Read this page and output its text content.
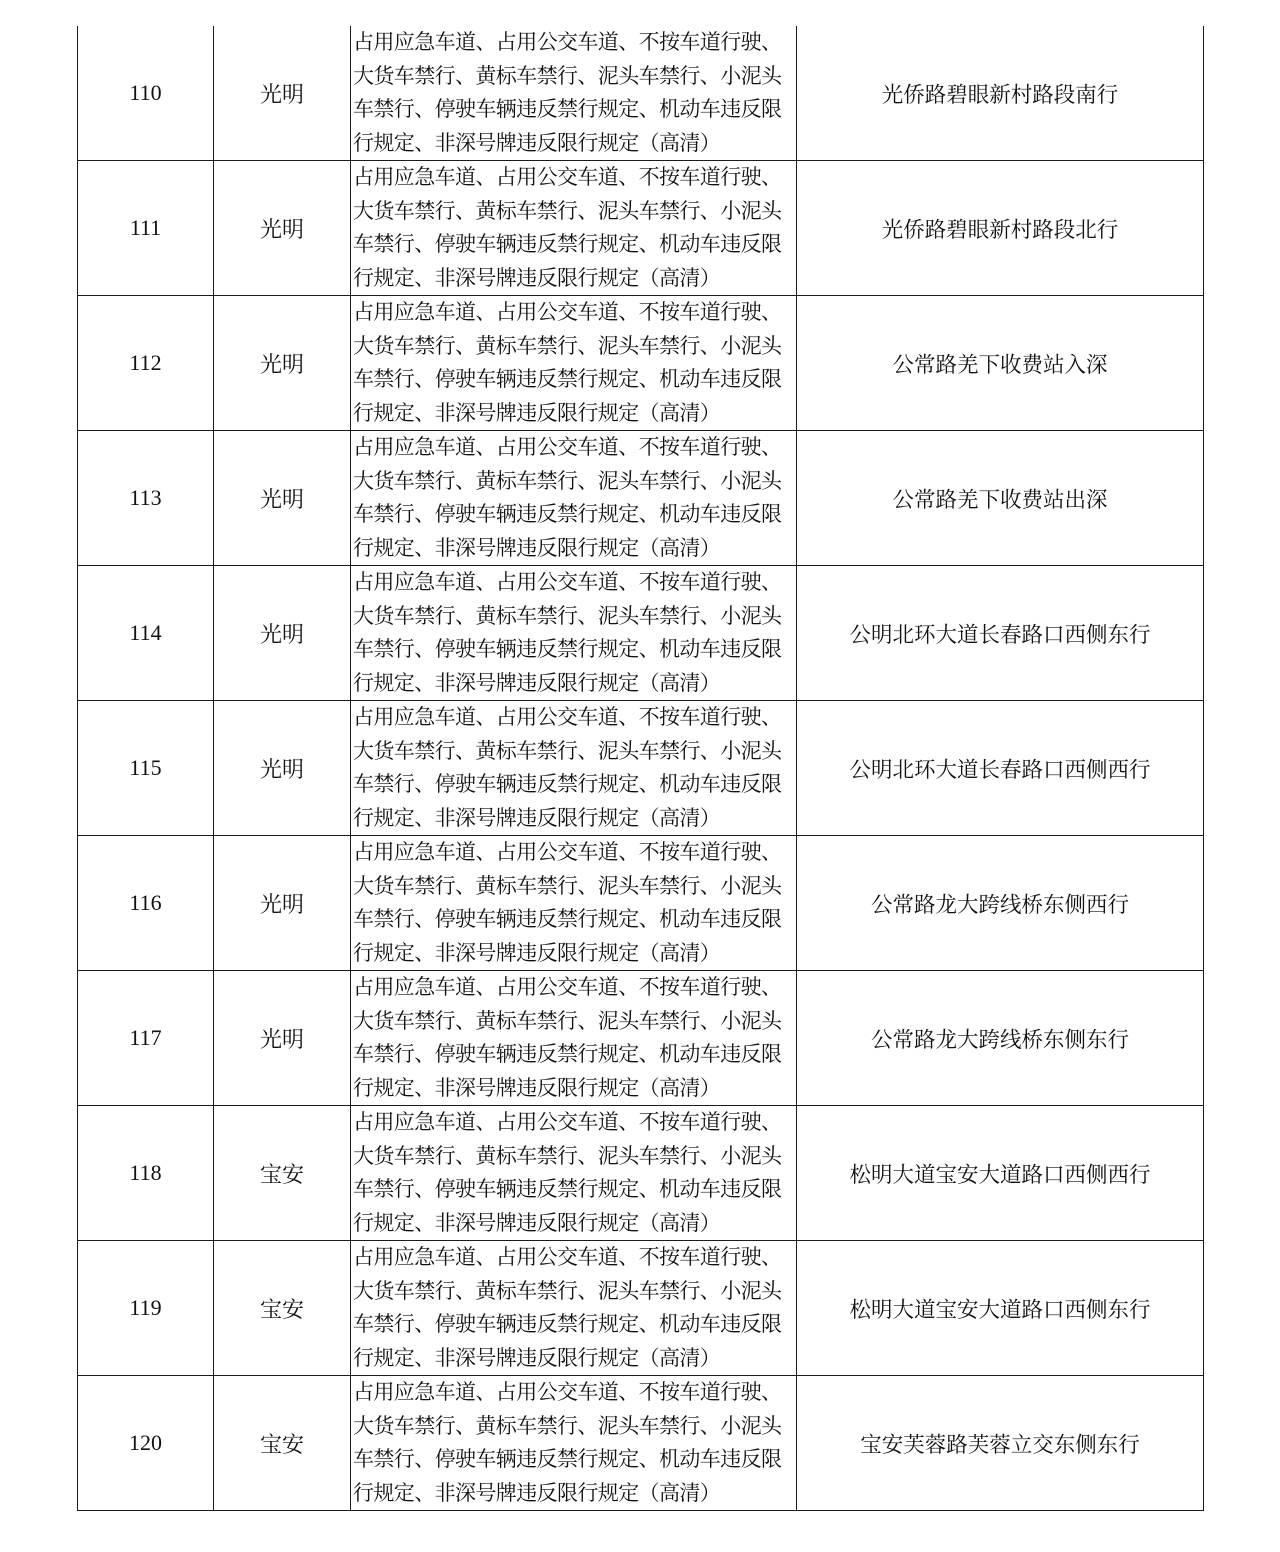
110	光明	占用应急车道、占用公交车道、不按车道行驶、大货车禁行、黄标车禁行、泥头车禁行、小泥头车禁行、停驶车辆违反禁行规定、机动车违反限行规定、非深号牌违反限行规定（高清）	光侨路碧眼新村路段南行
111	光明	占用应急车道、占用公交车道、不按车道行驶、大货车禁行、黄标车禁行、泥头车禁行、小泥头车禁行、停驶车辆违反禁行规定、机动车违反限行规定、非深号牌违反限行规定（高清）	光侨路碧眼新村路段北行
112	光明	占用应急车道、占用公交车道、不按车道行驶、大货车禁行、黄标车禁行、泥头车禁行、小泥头车禁行、停驶车辆违反禁行规定、机动车违反限行规定、非深号牌违反限行规定（高清）	公常路羌下收费站入深
113	光明	占用应急车道、占用公交车道、不按车道行驶、大货车禁行、黄标车禁行、泥头车禁行、小泥头车禁行、停驶车辆违反禁行规定、机动车违反限行规定、非深号牌违反限行规定（高清）	公常路羌下收费站出深
114	光明	占用应急车道、占用公交车道、不按车道行驶、大货车禁行、黄标车禁行、泥头车禁行、小泥头车禁行、停驶车辆违反禁行规定、机动车违反限行规定、非深号牌违反限行规定（高清）	公明北环大道长春路口西侧东行
115	光明	占用应急车道、占用公交车道、不按车道行驶、大货车禁行、黄标车禁行、泥头车禁行、小泥头车禁行、停驶车辆违反禁行规定、机动车违反限行规定、非深号牌违反限行规定（高清）	公明北环大道长春路口西侧西行
116	光明	占用应急车道、占用公交车道、不按车道行驶、大货车禁行、黄标车禁行、泥头车禁行、小泥头车禁行、停驶车辆违反禁行规定、机动车违反限行规定、非深号牌违反限行规定（高清）	公常路龙大跨线桥东侧西行
117	光明	占用应急车道、占用公交车道、不按车道行驶、大货车禁行、黄标车禁行、泥头车禁行、小泥头车禁行、停驶车辆违反禁行规定、机动车违反限行规定、非深号牌违反限行规定（高清）	公常路龙大跨线桥东侧东行
118	宝安	占用应急车道、占用公交车道、不按车道行驶、大货车禁行、黄标车禁行、泥头车禁行、小泥头车禁行、停驶车辆违反禁行规定、机动车违反限行规定、非深号牌违反限行规定（高清）	松明大道宝安大道路口西侧西行
119	宝安	占用应急车道、占用公交车道、不按车道行驶、大货车禁行、黄标车禁行、泥头车禁行、小泥头车禁行、停驶车辆违反禁行规定、机动车违反限行规定、非深号牌违反限行规定（高清）	松明大道宝安大道路口西侧东行
120	宝安	占用应急车道、占用公交车道、不按车道行驶、大货车禁行、黄标车禁行、泥头车禁行、小泥头车禁行、停驶车辆违反禁行规定、机动车违反限行规定、非深号牌违反限行规定（高清）	宝安芙蓉路芙蓉立交东侧东行
